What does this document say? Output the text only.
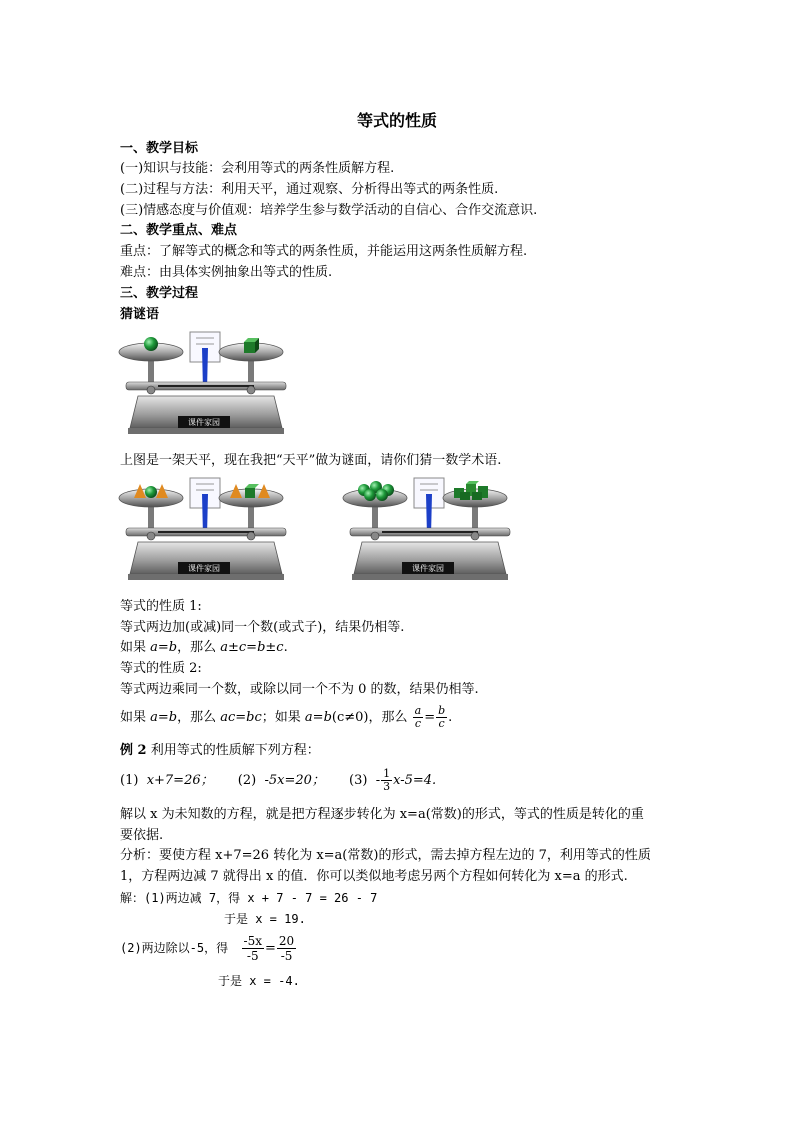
等式的性质
一、教学目标
(一)知识与技能：会利用等式的两条性质解方程.
(二)过程与方法：利用天平，通过观察、分析得出等式的两条性质.
(三)情感态度与价值观：培养学生参与数学活动的自信心、合作交流意识.
二、教学重点、难点
重点：了解等式的概念和等式的两条性质，并能运用这两条性质解方程.
难点：由具体实例抽象出等式的性质.
三、教学过程
猜谜语
课件家园
上图是一架天平，现在我把“天平”做为谜面，请你们猜一数学术语.
课件家园	课件家园
等式的性质 1:
等式两边加(或减)同一个数(或式子)，结果仍相等.
如果 a=b，那么 a±c=b±c.
等式的性质 2:
等式两边乘同一个数，或除以同一个不为 0 的数，结果仍相等.
如果 a=b，那么 ac=bc；如果 a=b(c≠0)，那么 $\frac{a}{c} = \frac{b}{c}$ .
例 2 利用等式的性质解下列方程：
(1) x+7=26； (2) -5x=20； $(3) - \frac{1}{3} x-5=4$.
解以 x 为未知数的方程，就是把方程逐步转化为 x=a(常数)的形式，等式的性质是转化的重
要依据.
分析：要使方程 x+7=26 转化为 x=a(常数)的形式，需去掉方程左边的 7，利用等式的性质
1，方程两边减 7 就得出 x 的值．你可以类似地考虑另两个方程如何转化为 x=a 的形式.
解：(1)两边减 7，得 x + 7 - 7 = 26 - 7
于是 x = 19.
(2)两边除以-5，得 $\frac{-5x}{-5} = \frac{20}{-5}$
于是 x = -4.
